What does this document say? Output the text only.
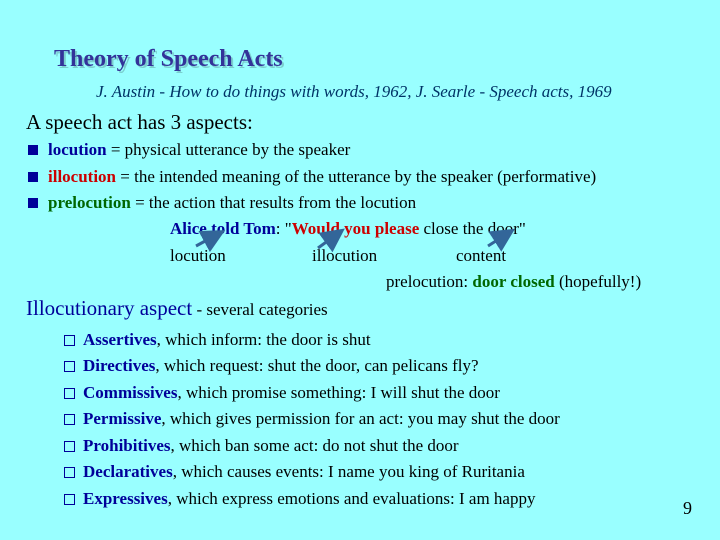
Theory of Speech Acts
J. Austin - How to do things with words, 1962, J. Searle - Speech acts, 1969
A speech act has 3 aspects:
locution = physical utterance by the speaker
illocution = the intended meaning of the utterance by the speaker (performative)
prelocution = the action that results from the locution
Alice told Tom: "Would you please close the door"
locution	illocution	content
prelocution: door closed (hopefully!)
Illocutionary aspect - several categories
Assertives, which inform: the door is shut
Directives, which request: shut the door, can pelicans fly?
Commissives, which promise something: I will shut the door
Permissive, which gives permission for an act: you may shut the door
Prohibitives, which ban some act: do not shut the door
Declaratives, which causes events: I name you king of Ruritania
Expressives, which express emotions and evaluations: I am happy	9
